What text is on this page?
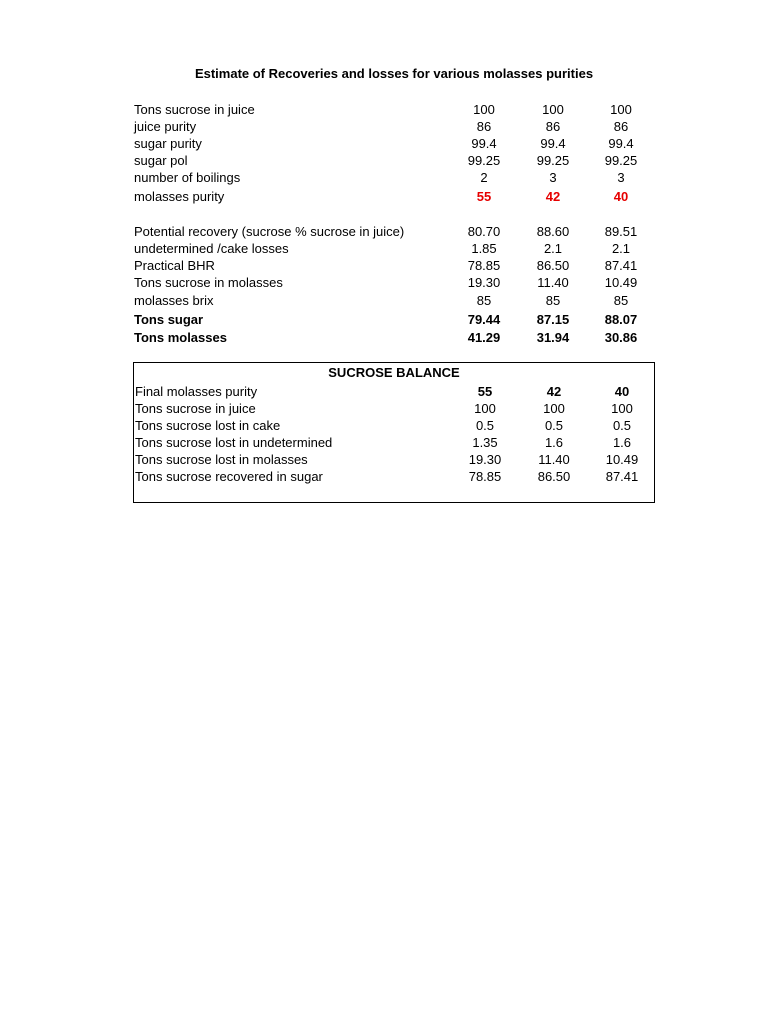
Estimate of Recoveries and losses for various molasses purities
Tons sucrose in juice	100	100	100
juice purity	86	86	86
sugar purity	99.4	99.4	99.4
sugar pol	99.25	99.25	99.25
number of boilings	2	3	3
molasses purity	55	42	40
Potential recovery (sucrose % sucrose in juice)	80.70	88.60	89.51
undetermined /cake losses	1.85	2.1	2.1
Practical BHR	78.85	86.50	87.41
Tons sucrose in molasses	19.30	11.40	10.49
molasses brix	85	85	85
Tons sugar	79.44	87.15	88.07
Tons molasses	41.29	31.94	30.86
SUCROSE BALANCE
Final molasses purity	55	42	40
Tons sucrose in juice	100	100	100
Tons sucrose lost in cake	0.5	0.5	0.5
Tons sucrose lost in undetermined	1.35	1.6	1.6
Tons sucrose lost in molasses	19.30	11.40	10.49
Tons sucrose recovered in sugar	78.85	86.50	87.41
